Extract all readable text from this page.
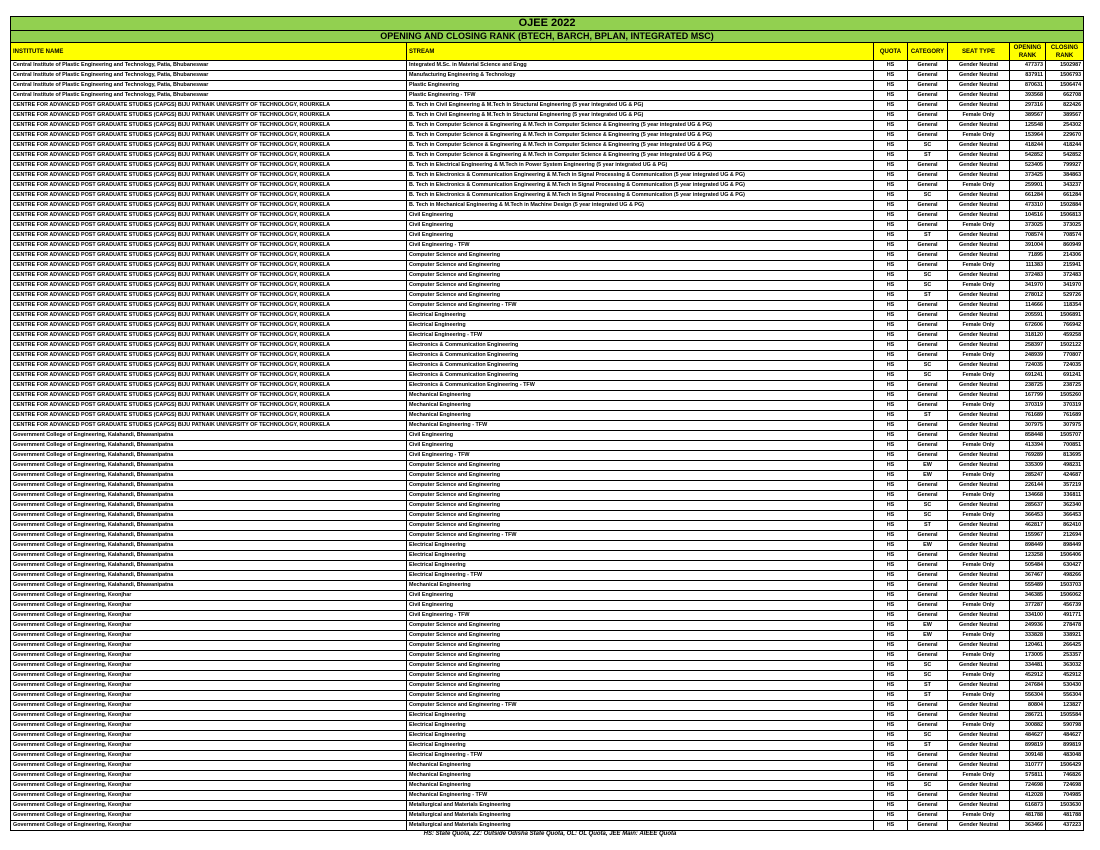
OJEE 2022						
OPENING AND CLOSING RANK (BTECH, BARCH, BPLAN, INTEGRATED MSC)						
INSTITUTE NAME	STREAM	QUOTA	CATEGORY	SEAT TYPE	OPENING RANK	CLOSING RANK
Central Institute of Plastic Engineering and Technology, Patia, Bhubaneswar	Integrated M.Sc. in Material Science and Engg	HS	General	Gender Neutral	477373	1502987
Central Institute of Plastic Engineering and Technology, Patia, Bhubaneswar	Manufacturing Engineering & Technology	HS	General	Gender Neutral	837911	1506793
Central Institute of Plastic Engineering and Technology, Patia, Bhubaneswar	Plastic Engineering	HS	General	Gender Neutral	870631	1506474
Central Institute of Plastic Engineering and Technology, Patia, Bhubaneswar	Plastic Engineering - TFW	HS	General	Gender Neutral	393568	662708
CENTRE FOR ADVANCED POST GRADUATE STUDIES (CAPGS) BIJU PATNAIK UNIVERSITY OF TECHNOLOGY, ROURKELA	B. Tech in Civil Engineering & M.Tech in Structural Engineering (5 year integrated UG & PG)	HS	General	Gender Neutral	297316	822426
CENTRE FOR ADVANCED POST GRADUATE STUDIES (CAPGS) BIJU PATNAIK UNIVERSITY OF TECHNOLOGY, ROURKELA	B. Tech in Civil Engineering & M.Tech in Structural Engineering (5 year integrated UG & PG)	HS	General	Female Only	389567	389567
CENTRE FOR ADVANCED POST GRADUATE STUDIES (CAPGS) BIJU PATNAIK UNIVERSITY OF TECHNOLOGY, ROURKELA	B. Tech in Computer Science & Engineering & M.Tech in Computer Science & Engineering (5 year integrated UG & PG)	HS	General	Gender Neutral	125548	254302
CENTRE FOR ADVANCED POST GRADUATE STUDIES (CAPGS) BIJU PATNAIK UNIVERSITY OF TECHNOLOGY, ROURKELA	B. Tech in Computer Science & Engineering & M.Tech in Computer Science & Engineering (5 year integrated UG & PG)	HS	General	Female Only	153964	229670
CENTRE FOR ADVANCED POST GRADUATE STUDIES (CAPGS) BIJU PATNAIK UNIVERSITY OF TECHNOLOGY, ROURKELA	B. Tech in Computer Science & Engineering & M.Tech in Computer Science & Engineering (5 year integrated UG & PG)	HS	SC	Gender Neutral	418244	418244
CENTRE FOR ADVANCED POST GRADUATE STUDIES (CAPGS) BIJU PATNAIK UNIVERSITY OF TECHNOLOGY, ROURKELA	B. Tech in Computer Science & Engineering & M.Tech in Computer Science & Engineering (5 year integrated UG & PG)	HS	ST	Gender Neutral	542852	542852
CENTRE FOR ADVANCED POST GRADUATE STUDIES (CAPGS) BIJU PATNAIK UNIVERSITY OF TECHNOLOGY, ROURKELA	B. Tech in Electrical Engineering & M.Tech in Power System Engineering (5 year integrated UG & PG)	HS	General	Gender Neutral	523405	799927
CENTRE FOR ADVANCED POST GRADUATE STUDIES (CAPGS) BIJU PATNAIK UNIVERSITY OF TECHNOLOGY, ROURKELA	B. Tech in Electronics & Communication Engineering & M.Tech in Signal Processing & Communication (5 year integrated UG & PG)	HS	General	Gender Neutral	373425	384863
CENTRE FOR ADVANCED POST GRADUATE STUDIES (CAPGS) BIJU PATNAIK UNIVERSITY OF TECHNOLOGY, ROURKELA	B. Tech in Electronics & Communication Engineering & M.Tech in Signal Processing & Communication (5 year integrated UG & PG)	HS	General	Female Only	259901	343237
CENTRE FOR ADVANCED POST GRADUATE STUDIES (CAPGS) BIJU PATNAIK UNIVERSITY OF TECHNOLOGY, ROURKELA	B. Tech in Electronics & Communication Engineering & M.Tech in Signal Processing & Communication (5 year integrated UG & PG)	HS	SC	Gender Neutral	661284	661284
CENTRE FOR ADVANCED POST GRADUATE STUDIES (CAPGS) BIJU PATNAIK UNIVERSITY OF TECHNOLOGY, ROURKELA	B. Tech in Mechanical Engineering & M.Tech in Machine Design (5 year integrated UG & PG)	HS	General	Gender Neutral	473310	1502884
CENTRE FOR ADVANCED POST GRADUATE STUDIES (CAPGS) BIJU PATNAIK UNIVERSITY OF TECHNOLOGY, ROURKELA	Civil Engineering	HS	General	Gender Neutral	104516	1506813
CENTRE FOR ADVANCED POST GRADUATE STUDIES (CAPGS) BIJU PATNAIK UNIVERSITY OF TECHNOLOGY, ROURKELA	Civil Engineering	HS	General	Female Only	373025	373025
CENTRE FOR ADVANCED POST GRADUATE STUDIES (CAPGS) BIJU PATNAIK UNIVERSITY OF TECHNOLOGY, ROURKELA	Civil Engineering	HS	ST	Gender Neutral	708574	708574
CENTRE FOR ADVANCED POST GRADUATE STUDIES (CAPGS) BIJU PATNAIK UNIVERSITY OF TECHNOLOGY, ROURKELA	Civil Engineering - TFW	HS	General	Gender Neutral	391004	860949
CENTRE FOR ADVANCED POST GRADUATE STUDIES (CAPGS) BIJU PATNAIK UNIVERSITY OF TECHNOLOGY, ROURKELA	Computer Science and Engineering	HS	General	Gender Neutral	71895	214306
CENTRE FOR ADVANCED POST GRADUATE STUDIES (CAPGS) BIJU PATNAIK UNIVERSITY OF TECHNOLOGY, ROURKELA	Computer Science and Engineering	HS	General	Female Only	111383	215941
CENTRE FOR ADVANCED POST GRADUATE STUDIES (CAPGS) BIJU PATNAIK UNIVERSITY OF TECHNOLOGY, ROURKELA	Computer Science and Engineering	HS	SC	Gender Neutral	372483	372483
CENTRE FOR ADVANCED POST GRADUATE STUDIES (CAPGS) BIJU PATNAIK UNIVERSITY OF TECHNOLOGY, ROURKELA	Computer Science and Engineering	HS	SC	Female Only	341970	341970
CENTRE FOR ADVANCED POST GRADUATE STUDIES (CAPGS) BIJU PATNAIK UNIVERSITY OF TECHNOLOGY, ROURKELA	Computer Science and Engineering	HS	ST	Gender Neutral	278012	529726
CENTRE FOR ADVANCED POST GRADUATE STUDIES (CAPGS) BIJU PATNAIK UNIVERSITY OF TECHNOLOGY, ROURKELA	Computer Science and Engineering - TFW	HS	General	Gender Neutral	114666	118354
CENTRE FOR ADVANCED POST GRADUATE STUDIES (CAPGS) BIJU PATNAIK UNIVERSITY OF TECHNOLOGY, ROURKELA	Electrical Engineering	HS	General	Gender Neutral	205591	1506891
CENTRE FOR ADVANCED POST GRADUATE STUDIES (CAPGS) BIJU PATNAIK UNIVERSITY OF TECHNOLOGY, ROURKELA	Electrical Engineering	HS	General	Female Only	672606	766942
CENTRE FOR ADVANCED POST GRADUATE STUDIES (CAPGS) BIJU PATNAIK UNIVERSITY OF TECHNOLOGY, ROURKELA	Electrical Engineering - TFW	HS	General	Gender Neutral	318120	459258
CENTRE FOR ADVANCED POST GRADUATE STUDIES (CAPGS) BIJU PATNAIK UNIVERSITY OF TECHNOLOGY, ROURKELA	Electronics & Communication Engineering	HS	General	Gender Neutral	258397	1502122
CENTRE FOR ADVANCED POST GRADUATE STUDIES (CAPGS) BIJU PATNAIK UNIVERSITY OF TECHNOLOGY, ROURKELA	Electronics & Communication Engineering	HS	General	Female Only	248939	770807
CENTRE FOR ADVANCED POST GRADUATE STUDIES (CAPGS) BIJU PATNAIK UNIVERSITY OF TECHNOLOGY, ROURKELA	Electronics & Communication Engineering	HS	SC	Gender Neutral	724035	724035
CENTRE FOR ADVANCED POST GRADUATE STUDIES (CAPGS) BIJU PATNAIK UNIVERSITY OF TECHNOLOGY, ROURKELA	Electronics & Communication Engineering	HS	SC	Female Only	691241	691241
CENTRE FOR ADVANCED POST GRADUATE STUDIES (CAPGS) BIJU PATNAIK UNIVERSITY OF TECHNOLOGY, ROURKELA	Electronics & Communication Engineering - TFW	HS	General	Gender Neutral	238725	238725
CENTRE FOR ADVANCED POST GRADUATE STUDIES (CAPGS) BIJU PATNAIK UNIVERSITY OF TECHNOLOGY, ROURKELA	Mechanical Engineering	HS	General	Gender Neutral	167799	1505260
CENTRE FOR ADVANCED POST GRADUATE STUDIES (CAPGS) BIJU PATNAIK UNIVERSITY OF TECHNOLOGY, ROURKELA	Mechanical Engineering	HS	General	Female Only	370319	370319
CENTRE FOR ADVANCED POST GRADUATE STUDIES (CAPGS) BIJU PATNAIK UNIVERSITY OF TECHNOLOGY, ROURKELA	Mechanical Engineering	HS	ST	Gender Neutral	761689	761689
CENTRE FOR ADVANCED POST GRADUATE STUDIES (CAPGS) BIJU PATNAIK UNIVERSITY OF TECHNOLOGY, ROURKELA	Mechanical Engineering - TFW	HS	General	Gender Neutral	307975	307975
Government College of Engineering, Kalahandi, Bhawanipatna	Civil Engineering	HS	General	Gender Neutral	858448	1505707
Government College of Engineering, Kalahandi, Bhawanipatna	Civil Engineering	HS	General	Female Only	413394	700851
Government College of Engineering, Kalahandi, Bhawanipatna	Civil Engineering - TFW	HS	General	Gender Neutral	769289	813695
Government College of Engineering, Kalahandi, Bhawanipatna	Computer Science and Engineering	HS	EW	Gender Neutral	335309	498231
Government College of Engineering, Kalahandi, Bhawanipatna	Computer Science and Engineering	HS	EW	Female Only	285247	424687
Government College of Engineering, Kalahandi, Bhawanipatna	Computer Science and Engineering	HS	General	Gender Neutral	226144	357219
Government College of Engineering, Kalahandi, Bhawanipatna	Computer Science and Engineering	HS	General	Female Only	134668	336811
Government College of Engineering, Kalahandi, Bhawanipatna	Computer Science and Engineering	HS	SC	Gender Neutral	285637	362340
Government College of Engineering, Kalahandi, Bhawanipatna	Computer Science and Engineering	HS	SC	Female Only	366453	366453
Government College of Engineering, Kalahandi, Bhawanipatna	Computer Science and Engineering	HS	ST	Gender Neutral	462817	862410
Government College of Engineering, Kalahandi, Bhawanipatna	Computer Science and Engineering - TFW	HS	General	Gender Neutral	155967	212694
Government College of Engineering, Kalahandi, Bhawanipatna	Electrical Engineering	HS	EW	Gender Neutral	898449	898449
Government College of Engineering, Kalahandi, Bhawanipatna	Electrical Engineering	HS	General	Gender Neutral	123258	1506406
Government College of Engineering, Kalahandi, Bhawanipatna	Electrical Engineering	HS	General	Female Only	505484	630427
Government College of Engineering, Kalahandi, Bhawanipatna	Electrical Engineering - TFW	HS	General	Gender Neutral	367467	498266
Government College of Engineering, Kalahandi, Bhawanipatna	Mechanical Engineering	HS	General	Gender Neutral	555489	1503703
Government College of Engineering, Keonjhar	Civil Engineering	HS	General	Gender Neutral	346385	1506062
Government College of Engineering, Keonjhar	Civil Engineering	HS	General	Female Only	377287	456739
Government College of Engineering, Keonjhar	Civil Engineering - TFW	HS	General	Gender Neutral	334100	491771
Government College of Engineering, Keonjhar	Computer Science and Engineering	HS	EW	Gender Neutral	249936	278478
Government College of Engineering, Keonjhar	Computer Science and Engineering	HS	EW	Female Only	333828	338921
Government College of Engineering, Keonjhar	Computer Science and Engineering	HS	General	Gender Neutral	120461	266425
Government College of Engineering, Keonjhar	Computer Science and Engineering	HS	General	Female Only	173005	253357
Government College of Engineering, Keonjhar	Computer Science and Engineering	HS	SC	Gender Neutral	334481	363032
Government College of Engineering, Keonjhar	Computer Science and Engineering	HS	SC	Female Only	452912	452912
Government College of Engineering, Keonjhar	Computer Science and Engineering	HS	ST	Gender Neutral	247684	530430
Government College of Engineering, Keonjhar	Computer Science and Engineering	HS	ST	Female Only	556304	556304
Government College of Engineering, Keonjhar	Computer Science and Engineering - TFW	HS	General	Gender Neutral	80804	123827
Government College of Engineering, Keonjhar	Electrical Engineering	HS	General	Gender Neutral	286721	1505584
Government College of Engineering, Keonjhar	Electrical Engineering	HS	General	Female Only	300882	590798
Government College of Engineering, Keonjhar	Electrical Engineering	HS	SC	Gender Neutral	484627	484627
Government College of Engineering, Keonjhar	Electrical Engineering	HS	ST	Gender Neutral	899819	899819
Government College of Engineering, Keonjhar	Electrical Engineering - TFW	HS	General	Gender Neutral	309148	483048
Government College of Engineering, Keonjhar	Mechanical Engineering	HS	General	Gender Neutral	310777	1506429
Government College of Engineering, Keonjhar	Mechanical Engineering	HS	General	Female Only	575811	746826
Government College of Engineering, Keonjhar	Mechanical Engineering	HS	SC	Gender Neutral	724698	724698
Government College of Engineering, Keonjhar	Mechanical Engineering - TFW	HS	General	Gender Neutral	412028	704985
Government College of Engineering, Keonjhar	Metallurgical and Materials Engineering	HS	General	Gender Neutral	616873	1503630
Government College of Engineering, Keonjhar	Metallurgical and Materials Engineering	HS	General	Female Only	481788	481788
Government College of Engineering, Keonjhar	Metallurgical and Materials Engineering	HS	General	Gender Neutral	363466	437223
HS: State Quota, ZZ: Outside Odisha State Quota, OL: OL Quota, JEE Main: AIEEE Quota
